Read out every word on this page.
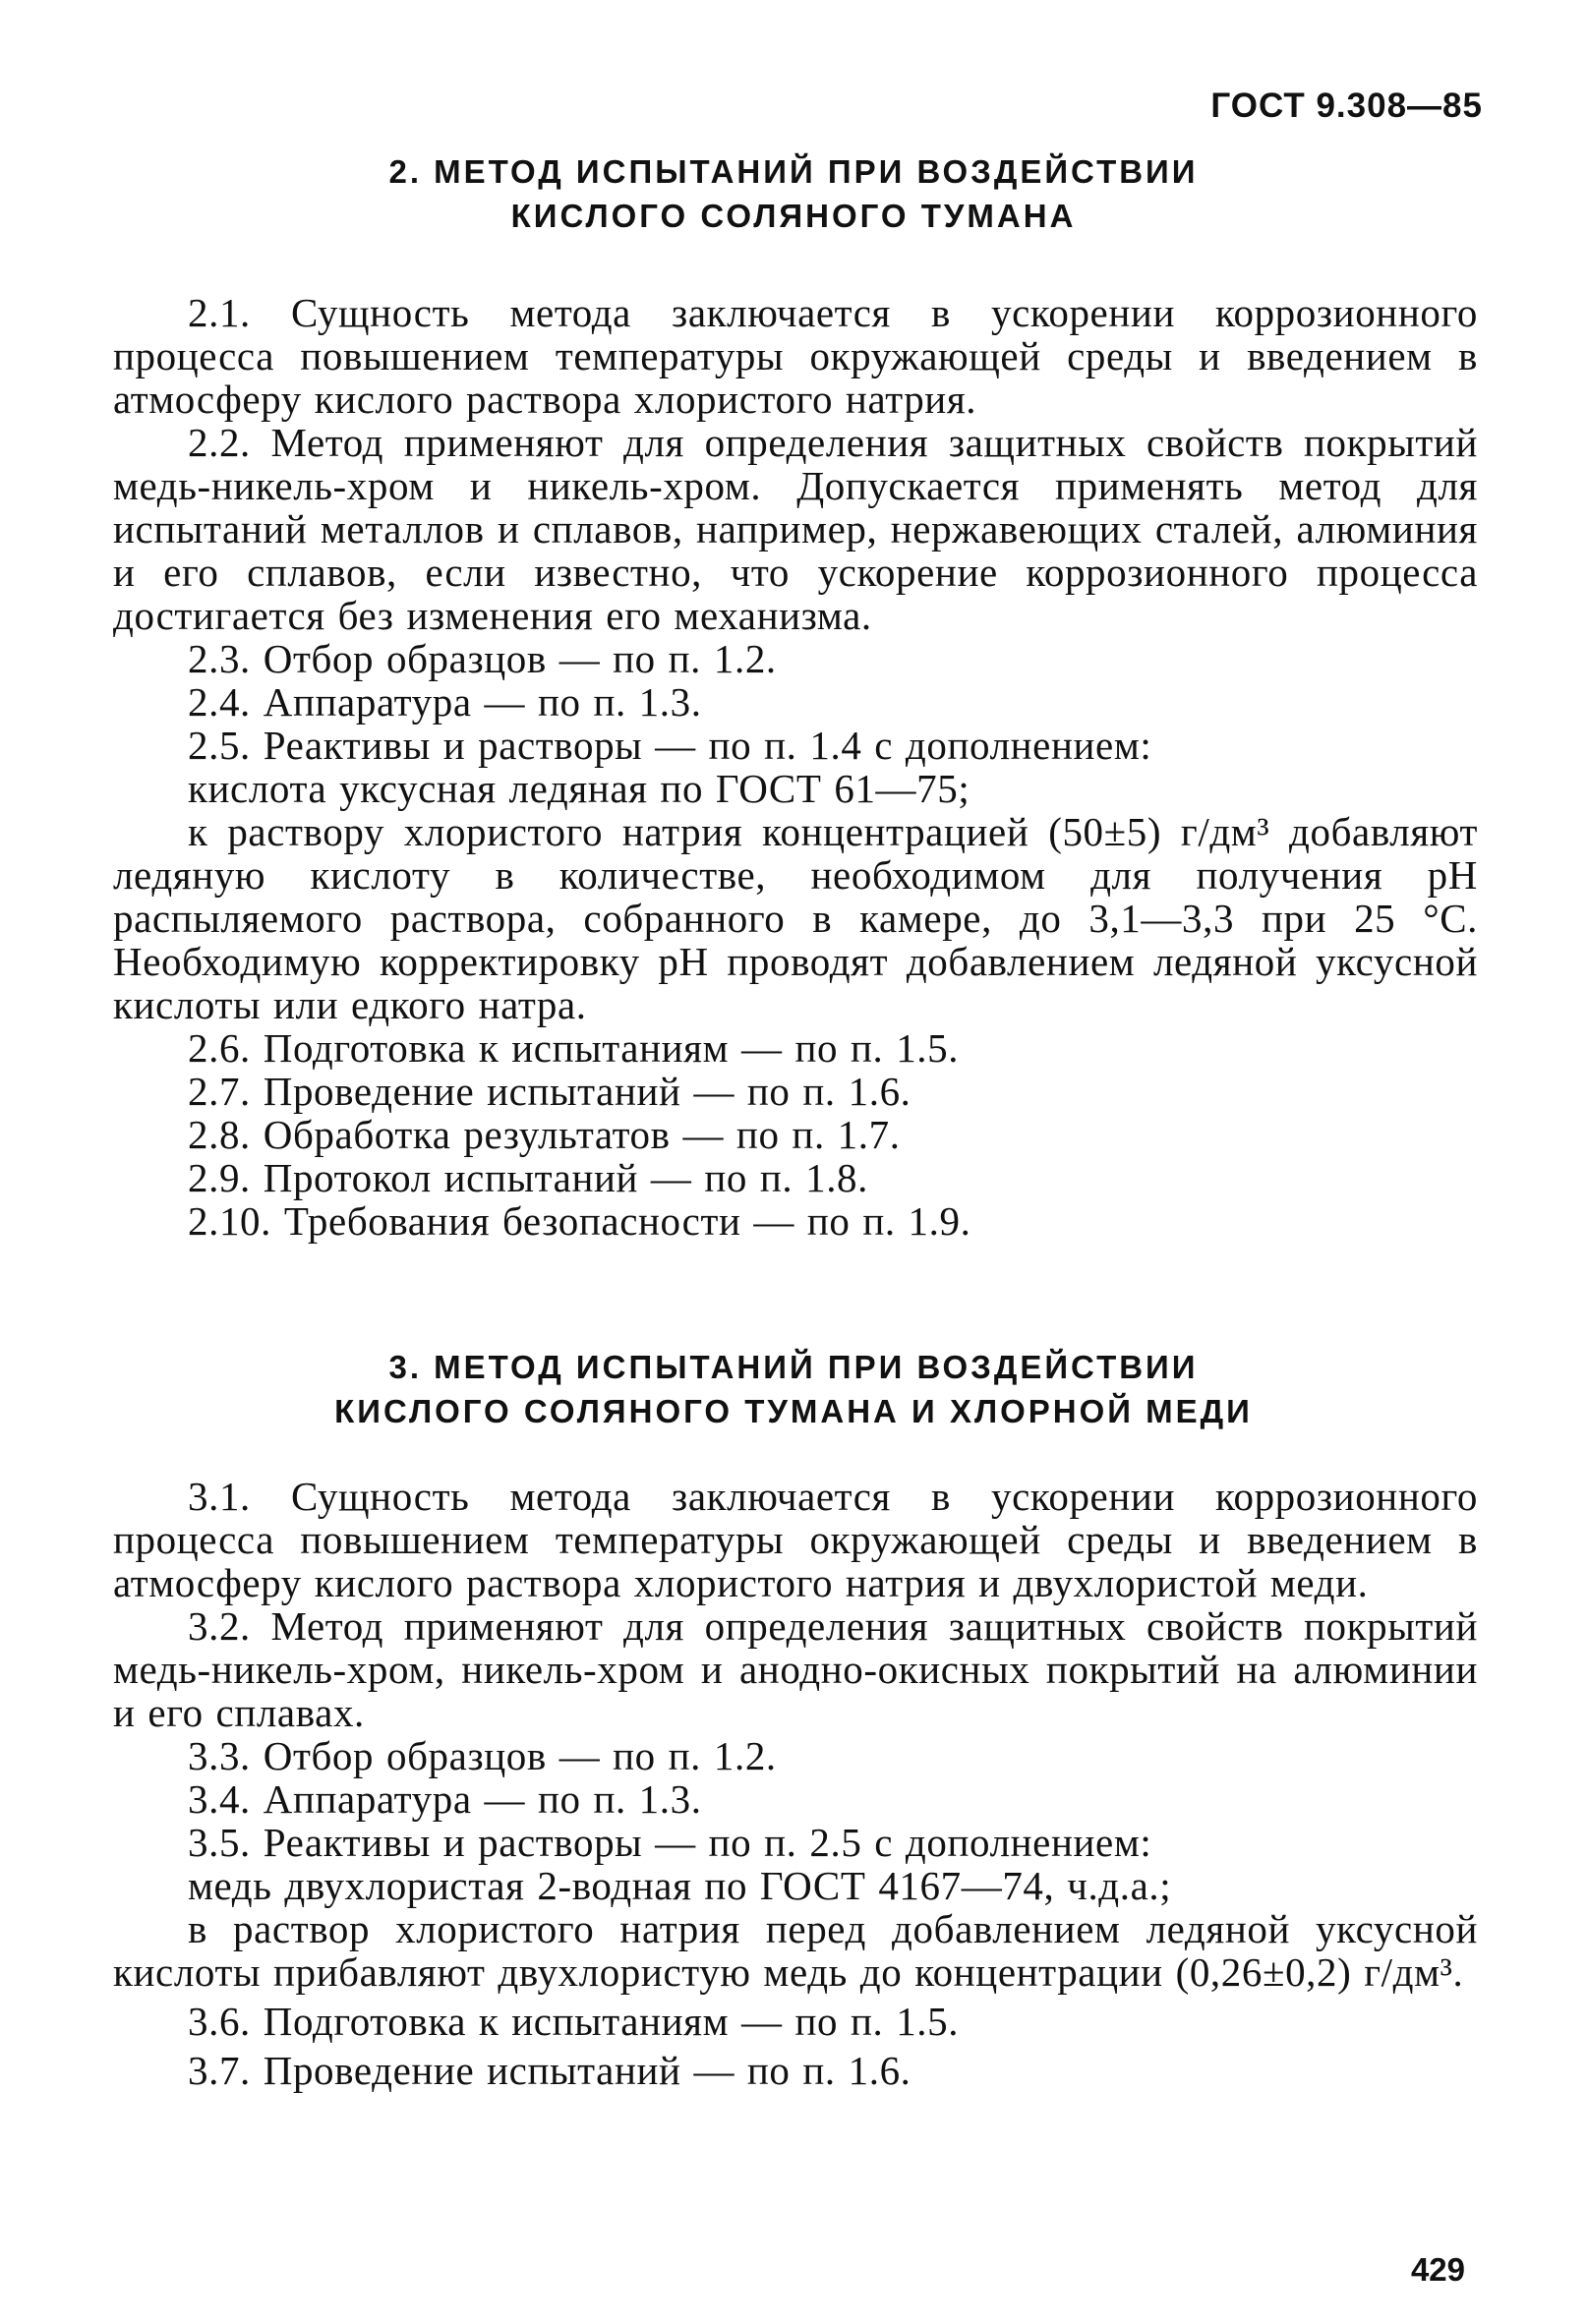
ГОСТ 9.308—85
2. МЕТОД ИСПЫТАНИЙ ПРИ ВОЗДЕЙСТВИИ
КИСЛОГО СОЛЯНОГО ТУМАНА

2.1. Сущность метода заключается в ускорении коррозионного процесса повышением температуры окружающей среды и введением в атмосферу кислого раствора хлористого натрия.

2.2. Метод применяют для определения защитных свойств покрытий медь-никель-хром и никель-хром. Допускается применять метод для испытаний металлов и сплавов, например, нержавеющих сталей, алюминия и его сплавов, если известно, что ускорение коррозионного процесса достигается без изменения его механизма.

2.3. Отбор образцов — по п. 1.2.

2.4. Аппаратура — по п. 1.3.

2.5. Реактивы и растворы — по п. 1.4 с дополнением:

кислота уксусная ледяная по ГОСТ 61—75;

к раствору хлористого натрия концентрацией (50±5) г/дм³ добавляют ледяную кислоту в количестве, необходимом для получения pH распыляемого раствора, собранного в камере, до 3,1—3,3 при 25 °С. Необходимую корректировку pH проводят добавлением ледяной уксусной кислоты или едкого натра.

2.6. Подготовка к испытаниям — по п. 1.5.

2.7. Проведение испытаний — по п. 1.6.

2.8. Обработка результатов — по п. 1.7.

2.9. Протокол испытаний — по п. 1.8.

2.10. Требования безопасности — по п. 1.9.

3. МЕТОД ИСПЫТАНИЙ ПРИ ВОЗДЕЙСТВИИ
КИСЛОГО СОЛЯНОГО ТУМАНА И ХЛОРНОЙ МЕДИ

3.1. Сущность метода заключается в ускорении коррозионного процесса повышением температуры окружающей среды и введением в атмосферу кислого раствора хлористого натрия и двухлористой меди.

3.2. Метод применяют для определения защитных свойств покрытий медь-никель-хром, никель-хром и анодно-окисных покрытий на алюминии и его сплавах.

3.3. Отбор образцов — по п. 1.2.

3.4. Аппаратура — по п. 1.3.

3.5. Реактивы и растворы — по п. 2.5 с дополнением:

медь двухлористая 2-водная по ГОСТ 4167—74, ч.д.а.;

в раствор хлористого натрия перед добавлением ледяной уксусной кислоты прибавляют двухлористую медь до концентрации (0,26±0,2) г/дм³.

3.6. Подготовка к испытаниям — по п. 1.5.

3.7. Проведение испытаний — по п. 1.6.

429
